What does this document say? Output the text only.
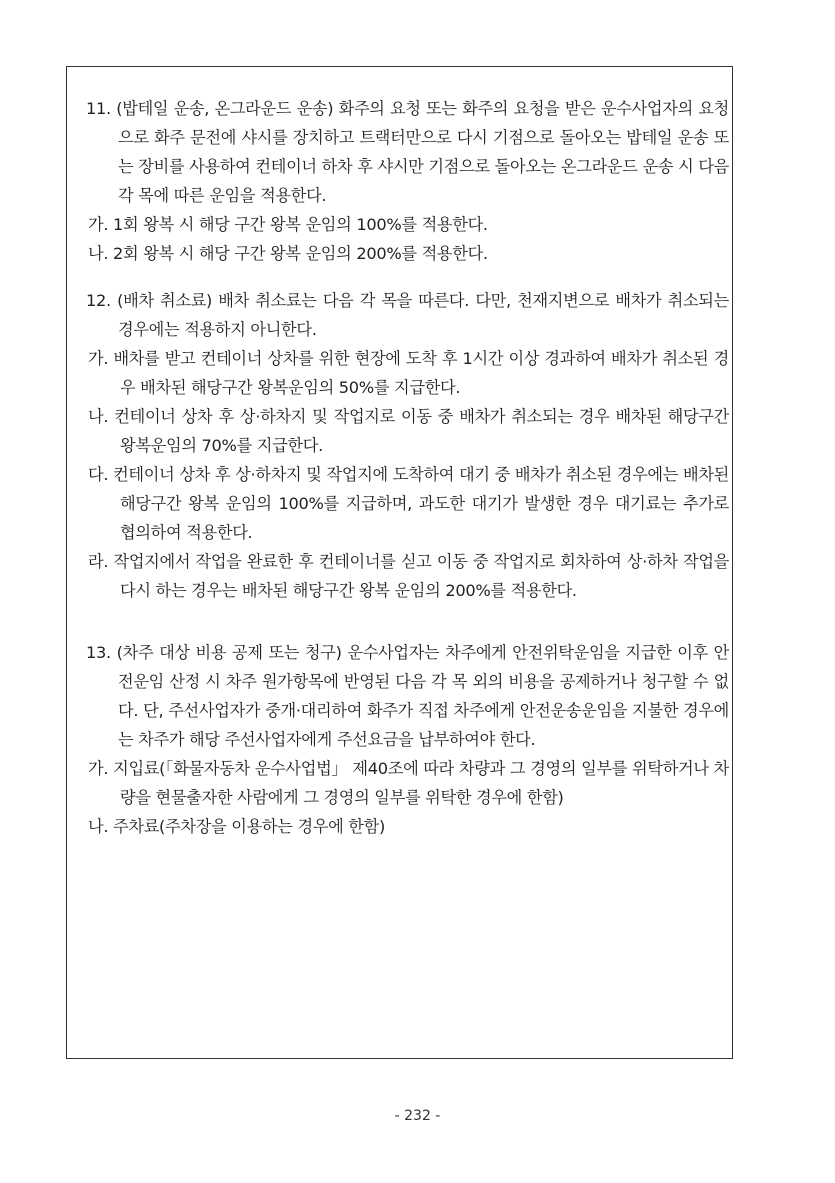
11. (밥테일 운송, 온그라운드 운송) 화주의 요청 또는 화주의 요청을 받은 운수사업자의 요청으로 화주 문전에 샤시를 장치하고 트랙터만으로 다시 기점으로 돌아오는 밥테일 운송 또는 장비를 사용하여 컨테이너 하차 후 샤시만 기점으로 돌아오는 온그라운드 운송 시 다음 각 목에 따른 운임을 적용한다.

가. 1회 왕복 시 해당 구간 왕복 운임의 100%를 적용한다.

나. 2회 왕복 시 해당 구간 왕복 운임의 200%를 적용한다.

12. (배차 취소료) 배차 취소료는 다음 각 목을 따른다. 다만, 천재지변으로 배차가 취소되는 경우에는 적용하지 아니한다.

가. 배차를 받고 컨테이너 상차를 위한 현장에 도착 후 1시간 이상 경과하여 배차가 취소된 경우 배차된 해당구간 왕복운임의 50%를 지급한다.

나. 컨테이너 상차 후 상·하차지 및 작업지로 이동 중 배차가 취소되는 경우 배차된 해당구간 왕복운임의 70%를 지급한다.

다. 컨테이너 상차 후 상·하차지 및 작업지에 도착하여 대기 중 배차가 취소된 경우에는 배차된 해당구간 왕복 운임의 100%를 지급하며, 과도한 대기가 발생한 경우 대기료는 추가로 협의하여 적용한다.

라. 작업지에서 작업을 완료한 후 컨테이너를 싣고 이동 중 작업지로 회차하여 상·하차 작업을 다시 하는 경우는 배차된 해당구간 왕복 운임의 200%를 적용한다.

13. (차주 대상 비용 공제 또는 청구) 운수사업자는 차주에게 안전위탁운임을 지급한 이후 안전운임 산정 시 차주 원가항목에 반영된 다음 각 목 외의 비용을 공제하거나 청구할 수 없다. 단, 주선사업자가 중개·대리하여 화주가 직접 차주에게 안전운송운임을 지불한 경우에는 차주가 해당 주선사업자에게 주선요금을 납부하여야 한다.

가. 지입료(「화물자동차 운수사업법」 제40조에 따라 차량과 그 경영의 일부를 위탁하거나 차량을 현물출자한 사람에게 그 경영의 일부를 위탁한 경우에 한함)

나. 주차료(주차장을 이용하는 경우에 한함)

- 232 -
